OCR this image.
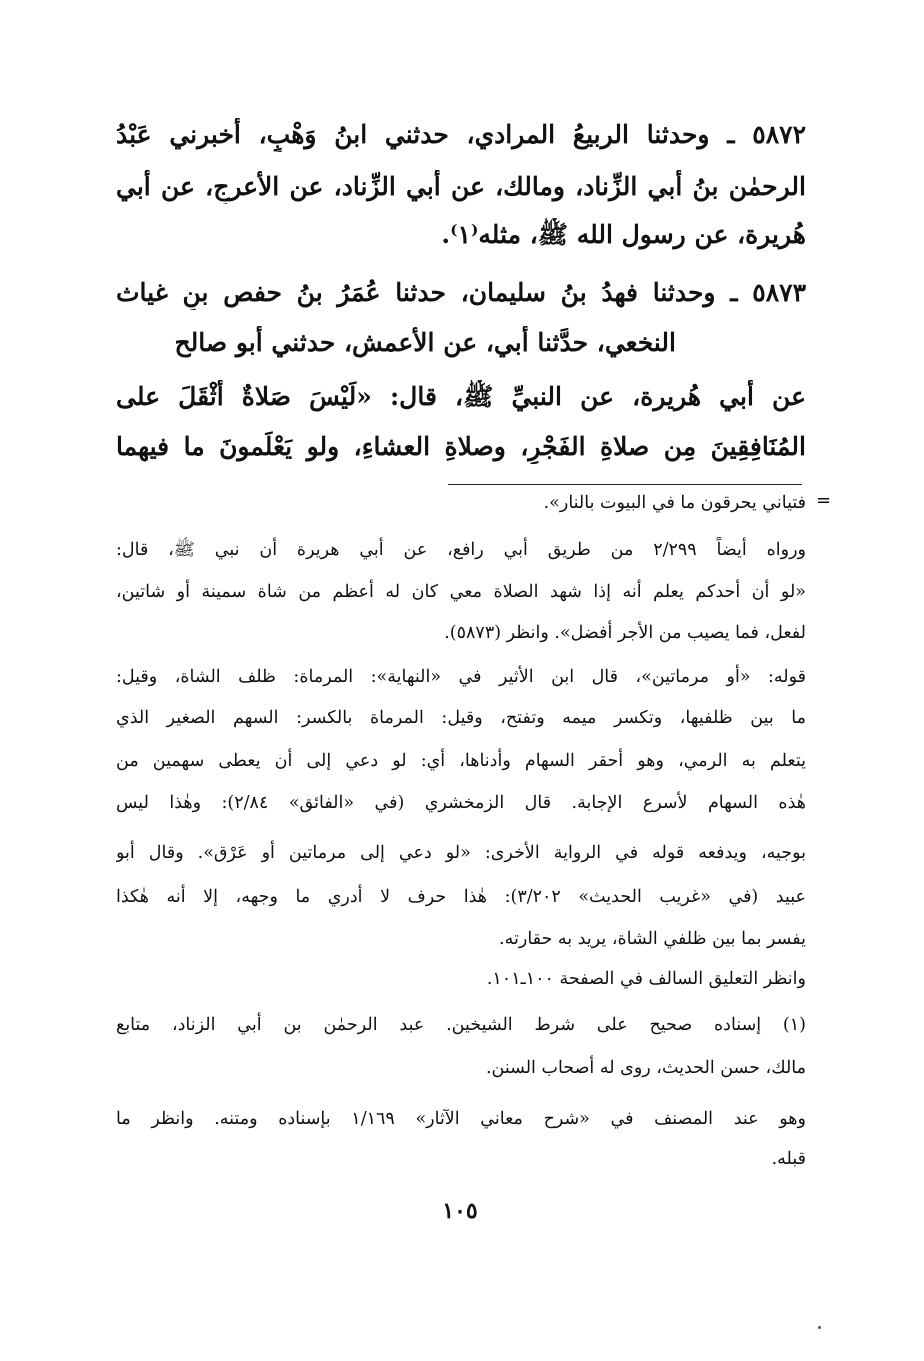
٥٨٧٢ ـ وحدثنا الربيعُ المرادي، حدثني ابنُ وَهْبٍ، أخبرني عَبْدُ
الرحمٰن بنُ أبي الزِّناد، ومالك، عن أبي الزِّناد، عن الأعرجِ، عن أبي
هُريرة، عن رسول الله ﷺ، مثله⁽١⁾.
٥٨٧٣ ـ وحدثنا فهدُ بنُ سليمان، حدثنا عُمَرُ بنُ حفص بنِ غياث
النخعي، حدَّثنا أبي، عن الأعمش، حدثني أبو صالح
عن أبي هُريرة، عن النبيِّ ﷺ، قال: «لَيْسَ صَلاةٌ أَثْقَلَ على
المُنَافِقِينَ مِن صلاةِ الفَجْرِ، وصلاةِ العشاءِ، ولو يَعْلَمونَ ما فيهما
=
فتياني يحرقون ما في البيوت بالنار».
ورواه أيضاً ٢/٢٩٩ من طريق أبي رافع، عن أبي هريرة أن نبي ﷺ، قال:
«لو أن أحدكم يعلم أنه إذا شهد الصلاة معي كان له أعظم من شاة سمينة أو شاتين،
لفعل، فما يصيب من الأجر أفضل». وانظر (٥٨٧٣).
قوله: «أو مرماتين»، قال ابن الأثير في «النهاية»: المرماة: ظلف الشاة، وقيل:
ما بين ظلفيها، وتكسر ميمه وتفتح، وقيل: المرماة بالكسر: السهم الصغير الذي
يتعلم به الرمي، وهو أحقر السهام وأدناها، أي: لو دعي إلى أن يعطى سهمين من
هٰذه السهام لأسرع الإجابة. قال الزمخشري (في «الفائق» ٢/٨٤): وهٰذا ليس
بوجيه، ويدفعه قوله في الرواية الأخرى: «لو دعي إلى مرماتين أو عَرْق». وقال أبو
عبيد (في «غريب الحديث» ٣/٢٠٢): هٰذا حرف لا أدري ما وجهه، إلا أنه هٰكذا
يفسر بما بين ظلفي الشاة، يريد به حقارته.
وانظر التعليق السالف في الصفحة ١٠٠ـ١٠١.
(١) إسناده صحيح على شرط الشيخين. عبد الرحمٰن بن أبي الزناد، متابع
مالك، حسن الحديث، روى له أصحاب السنن.
وهو عند المصنف في «شرح معاني الآثار» ١/١٦٩ بإسناده ومتنه. وانظر ما
قبله.
١٠٥
